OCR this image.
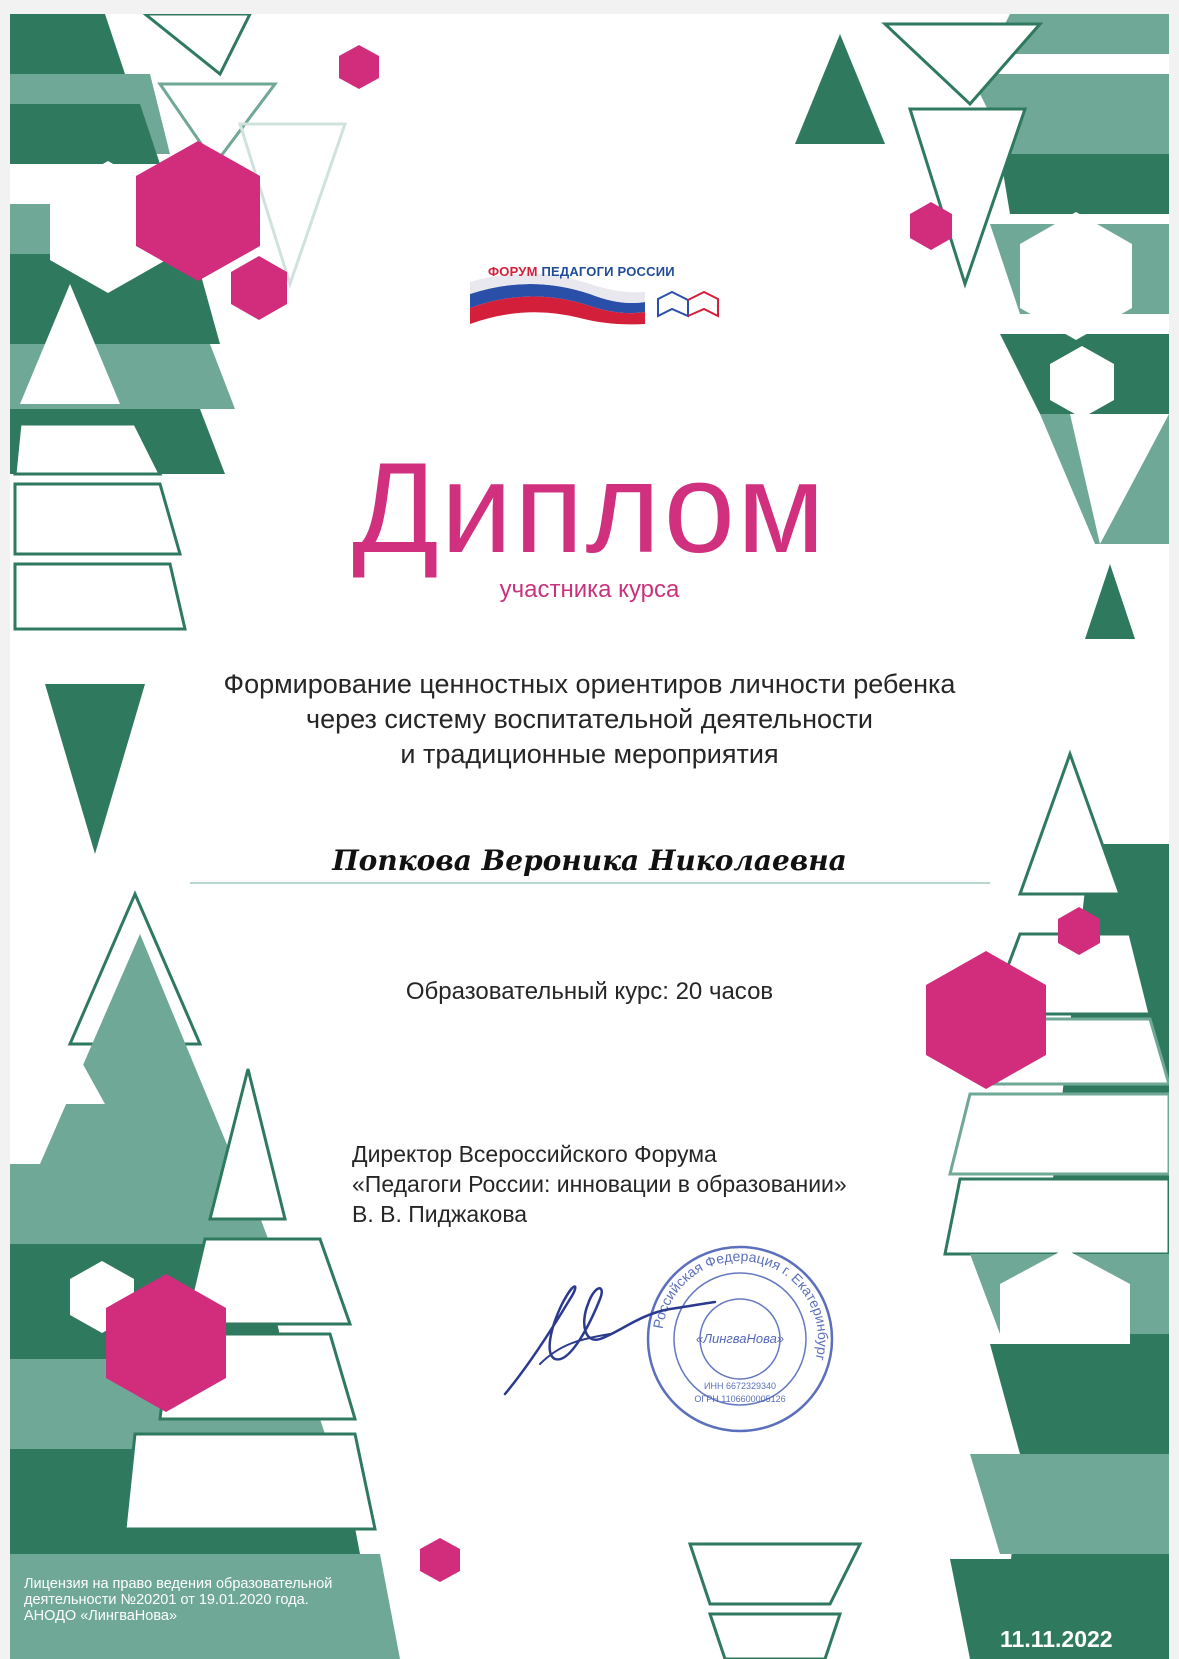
ФОРУМ ПЕДАГОГИ РОССИИ
Диплом
участника курса
Формирование ценностных ориентиров личности ребенка
через систему воспитательной деятельности
и традиционные мероприятия
Попкова Вероника Николаевна
Образовательный курс: 20 часов
Директор Всероссийского Форума
«Педагоги России: инновации в образовании»
В. В. Пиджакова
Российская Федерация г. Екатеринбург
«ЛингваНова»
ИНН 6672329340
ОГРН 1106600005126
Лицензия на право ведения образовательной
деятельности №20201 от 19.01.2020 года.
АНОДО «ЛингваНова»
11.11.2022
